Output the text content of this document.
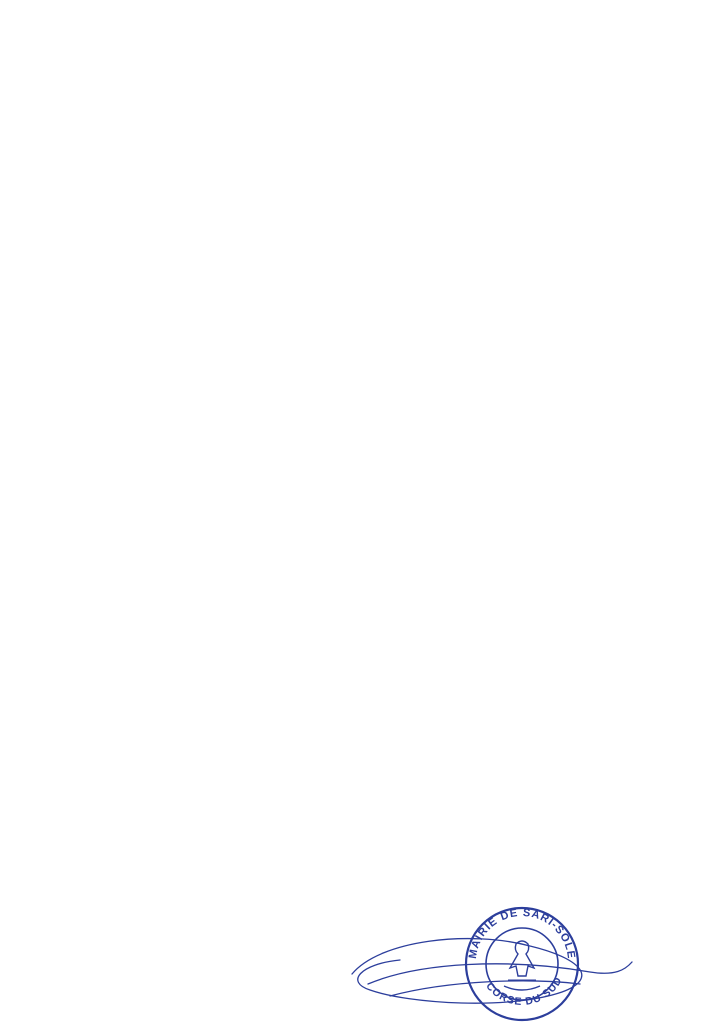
MAIRIE DE SARI-SOLE
CORSE DU SUD
